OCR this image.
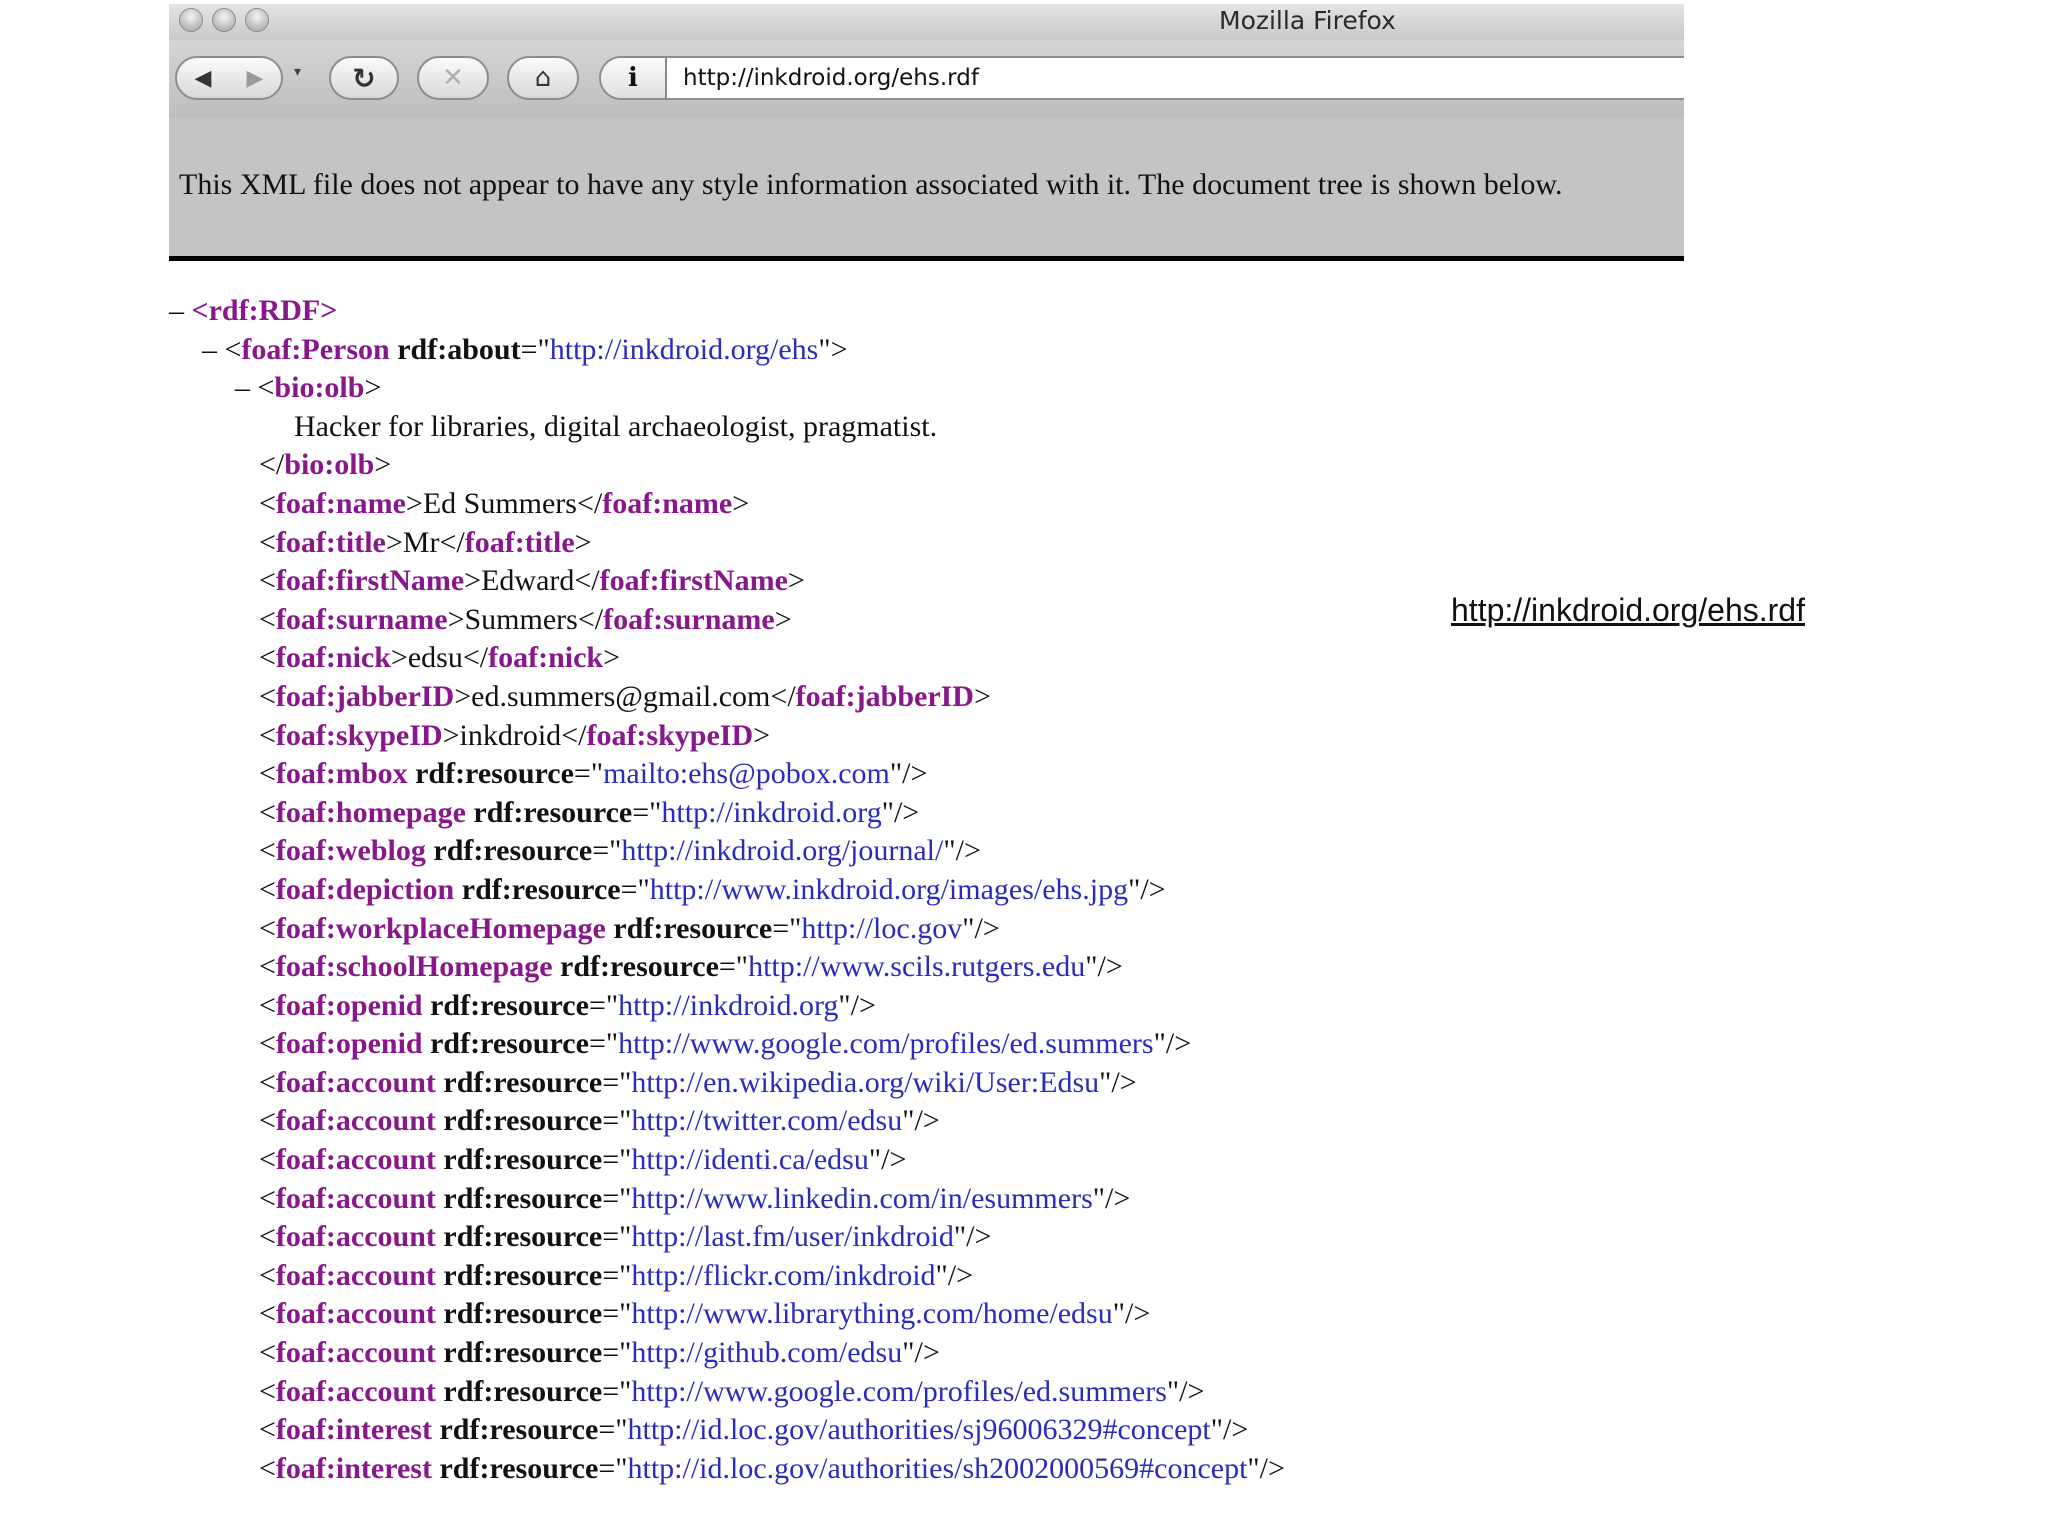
Mozilla Firefox
◀ ▶ ▾ ↻	✕	⌂	i http://inkdroid.org/ehs.rdf
This XML file does not appear to have any style information associated with it. The document tree is shown below.
– <rdf:RDF>
– <foaf:Person rdf:about="http://inkdroid.org/ehs">
– <bio:olb>
Hacker for libraries, digital archaeologist, pragmatist.
</bio:olb>
<foaf:name>Ed Summers</foaf:name>
<foaf:title>Mr</foaf:title>
<foaf:firstName>Edward</foaf:firstName>
<foaf:surname>Summers</foaf:surname>
<foaf:nick>edsu</foaf:nick>
<foaf:jabberID>ed.summers@gmail.com</foaf:jabberID>
<foaf:skypeID>inkdroid</foaf:skypeID>
<foaf:mbox rdf:resource="mailto:ehs@pobox.com"/>
<foaf:homepage rdf:resource="http://inkdroid.org"/>
<foaf:weblog rdf:resource="http://inkdroid.org/journal/"/>
<foaf:depiction rdf:resource="http://www.inkdroid.org/images/ehs.jpg"/>
<foaf:workplaceHomepage rdf:resource="http://loc.gov"/>
<foaf:schoolHomepage rdf:resource="http://www.scils.rutgers.edu"/>
<foaf:openid rdf:resource="http://inkdroid.org"/>
<foaf:openid rdf:resource="http://www.google.com/profiles/ed.summers"/>
<foaf:account rdf:resource="http://en.wikipedia.org/wiki/User:Edsu"/>
<foaf:account rdf:resource="http://twitter.com/edsu"/>
<foaf:account rdf:resource="http://identi.ca/edsu"/>
<foaf:account rdf:resource="http://www.linkedin.com/in/esummers"/>
<foaf:account rdf:resource="http://last.fm/user/inkdroid"/>
<foaf:account rdf:resource="http://flickr.com/inkdroid"/>
<foaf:account rdf:resource="http://www.librarything.com/home/edsu"/>
<foaf:account rdf:resource="http://github.com/edsu"/>
<foaf:account rdf:resource="http://www.google.com/profiles/ed.summers"/>
<foaf:interest rdf:resource="http://id.loc.gov/authorities/sj96006329#concept"/>
<foaf:interest rdf:resource="http://id.loc.gov/authorities/sh2002000569#concept"/>
http://inkdroid.org/ehs.rdf
